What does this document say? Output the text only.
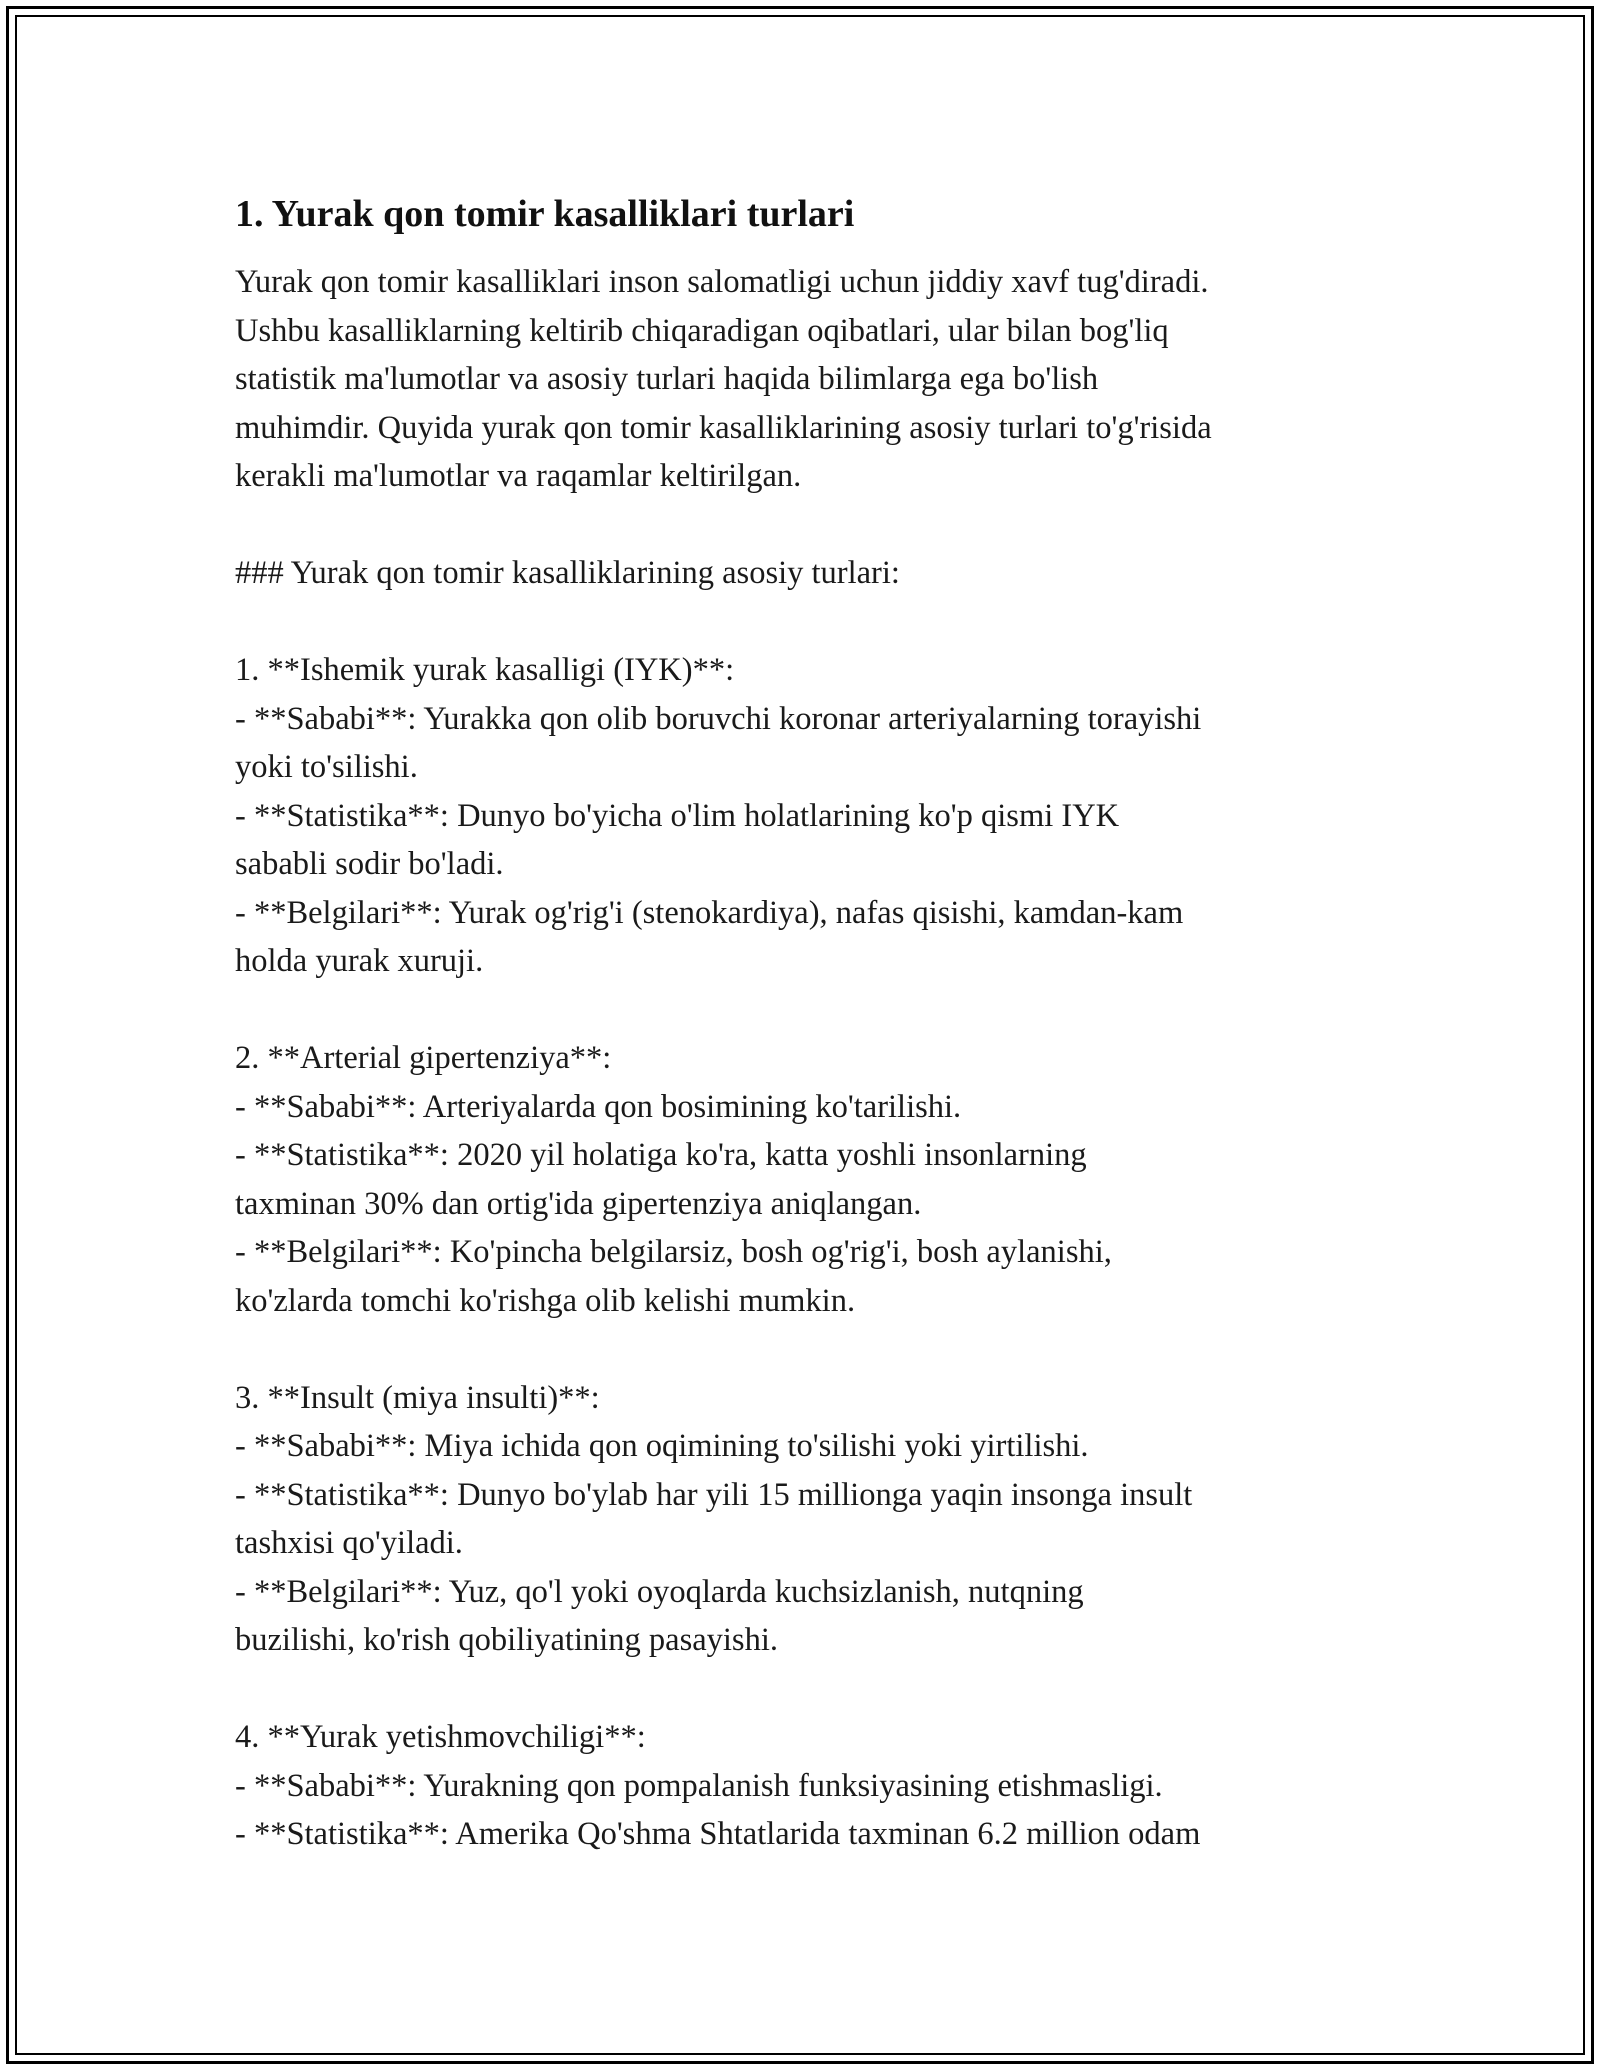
1. Yurak qon tomir kasalliklari turlari

Yurak qon tomir kasalliklari inson salomatligi uchun jiddiy xavf tug'diradi.
Ushbu kasalliklarning keltirib chiqaradigan oqibatlari, ular bilan bog'liq
statistik ma'lumotlar va asosiy turlari haqida bilimlarga ega bo'lish
muhimdir. Quyida yurak qon tomir kasalliklarining asosiy turlari to'g'risida
kerakli ma'lumotlar va raqamlar keltirilgan.

### Yurak qon tomir kasalliklarining asosiy turlari:

1. **Ishemik yurak kasalligi (IYK)**:

- **Sababi**: Yurakka qon olib boruvchi koronar arteriyalarning torayishi
yoki to'silishi.

- **Statistika**: Dunyo bo'yicha o'lim holatlarining ko'p qismi IYK
sababli sodir bo'ladi.

- **Belgilari**: Yurak og'rig'i (stenokardiya), nafas qisishi, kamdan-kam
holda yurak xuruji.

2. **Arterial gipertenziya**:

- **Sababi**: Arteriyalarda qon bosimining ko'tarilishi.

- **Statistika**: 2020 yil holatiga ko'ra, katta yoshli insonlarning
taxminan 30% dan ortig'ida gipertenziya aniqlangan.

- **Belgilari**: Ko'pincha belgilarsiz, bosh og'rig'i, bosh aylanishi,
ko'zlarda tomchi ko'rishga olib kelishi mumkin.

3. **Insult (miya insulti)**:

- **Sababi**: Miya ichida qon oqimining to'silishi yoki yirtilishi.

- **Statistika**: Dunyo bo'ylab har yili 15 millionga yaqin insonga insult
tashxisi qo'yiladi.

- **Belgilari**: Yuz, qo'l yoki oyoqlarda kuchsizlanish, nutqning
buzilishi, ko'rish qobiliyatining pasayishi.

4. **Yurak yetishmovchiligi**:

- **Sababi**: Yurakning qon pompalanish funksiyasining etishmasligi.

- **Statistika**: Amerika Qo'shma Shtatlarida taxminan 6.2 million odam
